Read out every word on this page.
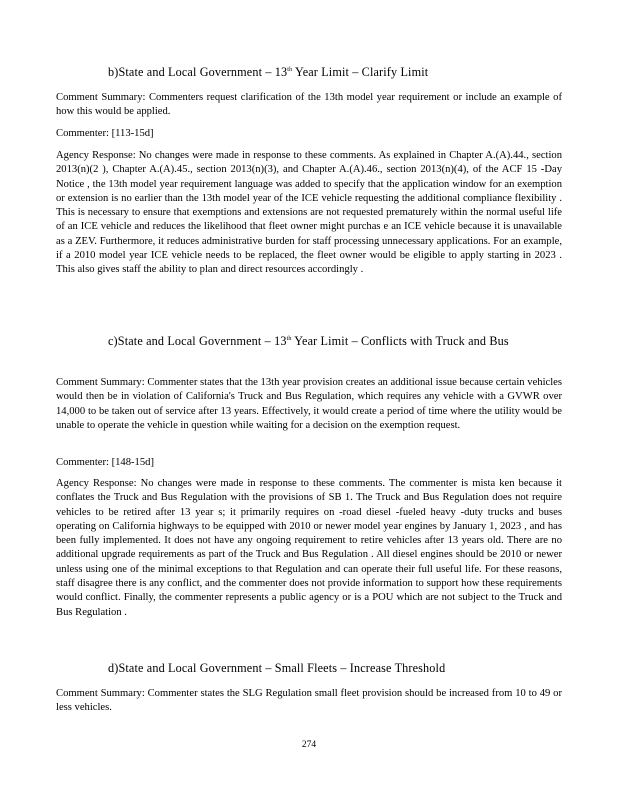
b)State and Local Government – 13th Year Limit – Clarify Limit

Comment Summary: Commenters request clarification of the 13th model year requirement or include an example of how this would be applied.

Commenter: [113-15d]

Agency Response: No changes were made in response to these comments. As explained in Chapter A.(A).44., section 2013(n)(2 ), Chapter A.(A).45., section 2013(n)(3), and Chapter A.(A).46., section 2013(n)(4), of the ACF 15 -Day Notice , the 13th model year requirement language was added to specify that the application window for an exemption or extension is no earlier than the 13th model year of the ICE vehicle requesting the additional compliance flexibility . This is necessary to ensure that exemptions and extensions are not requested prematurely within the normal useful life of an ICE vehicle and reduces the likelihood that fleet owner might purchas e an ICE vehicle because it is unavailable as a ZEV. Furthermore, it reduces administrative burden for staff processing unnecessary applications. For an example, if a 2010 model year ICE vehicle needs to be replaced, the fleet owner would be eligible to apply starting in 2023 . This also gives staff the ability to plan and direct resources accordingly .

c)State and Local Government – 13th Year Limit – Conflicts with Truck and Bus

Comment Summary: Commenter states that the 13th year provision creates an additional issue because certain vehicles would then be in violation of California's Truck and Bus Regulation, which requires any vehicle with a GVWR over 14,000 to be taken out of service after 13 years. Effectively, it would create a period of time where the utility would be unable to operate the vehicle in question while waiting for a decision on the exemption request.

Commenter: [148-15d]

Agency Response: No changes were made in response to these comments. The commenter is mista ken because it conflates the Truck and Bus Regulation with the provisions of SB 1. The Truck and Bus Regulation does not require vehicles to be retired after 13 year s; it primarily requires on -road diesel -fueled heavy -duty trucks and buses operating on California highways to be equipped with 2010 or newer model year engines by January 1, 2023 , and has been fully implemented. It does not have any ongoing requirement to retire vehicles after 13 years old. There are no additional upgrade requirements as part of the Truck and Bus Regulation . All diesel engines should be 2010 or newer unless using one of the minimal exceptions to that Regulation and can operate their full useful life. For these reasons, staff disagree there is any conflict, and the commenter does not provide information to support how these requirements would conflict. Finally, the commenter represents a public agency or is a POU which are not subject to the Truck and Bus Regulation .

d)State and Local Government – Small Fleets – Increase Threshold

Comment Summary: Commenter states the SLG Regulation small fleet provision should be increased from 10 to 49 or less vehicles.

274
